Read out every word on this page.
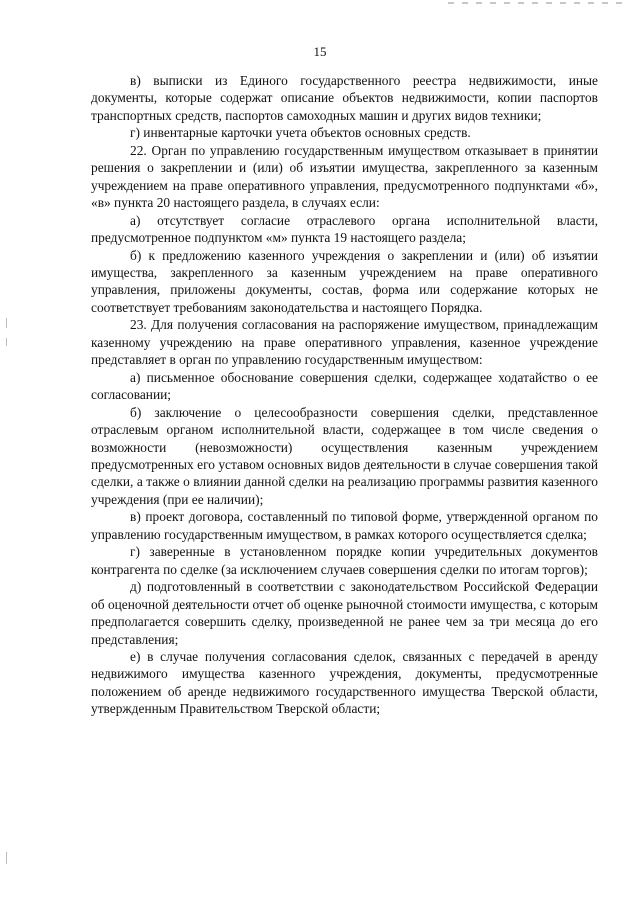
15

в) выписки из Единого государственного реестра недвижимости, иные документы, которые содержат описание объектов недвижимости, копии паспортов транспортных средств, паспортов самоходных машин и других видов техники;

г) инвентарные карточки учета объектов основных средств.

22. Орган по управлению государственным имуществом отказывает в принятии решения о закреплении и (или) об изъятии имущества, закрепленного за казенным учреждением на праве оперативного управления, предусмотренного подпунктами «б», «в» пункта 20 настоящего раздела, в случаях если:

а) отсутствует согласие отраслевого органа исполнительной власти, предусмотренное подпунктом «м» пункта 19 настоящего раздела;

б) к предложению казенного учреждения о закреплении и (или) об изъятии имущества, закрепленного за казенным учреждением на праве оперативного управления, приложены документы, состав, форма или содержание которых не соответствует требованиям законодательства и настоящего Порядка.

23. Для получения согласования на распоряжение имуществом, принадлежащим казенному учреждению на праве оперативного управления, казенное учреждение представляет в орган по управлению государственным имуществом:

а) письменное обоснование совершения сделки, содержащее ходатайство о ее согласовании;

б) заключение о целесообразности совершения сделки, представленное отраслевым органом исполнительной власти, содержащее в том числе сведения о возможности (невозможности) осуществления казенным учреждением предусмотренных его уставом основных видов деятельности в случае совершения такой сделки, а также о влиянии данной сделки на реализацию программы развития казенного учреждения (при ее наличии);

в) проект договора, составленный по типовой форме, утвержденной органом по управлению государственным имуществом, в рамках которого осуществляется сделка;

г) заверенные в установленном порядке копии учредительных документов контрагента по сделке (за исключением случаев совершения сделки по итогам торгов);

д) подготовленный в соответствии с законодательством Российской Федерации об оценочной деятельности отчет об оценке рыночной стоимости имущества, с которым предполагается совершить сделку, произведенной не ранее чем за три месяца до его представления;

е) в случае получения согласования сделок, связанных с передачей в аренду недвижимого имущества казенного учреждения, документы, предусмотренные положением об аренде недвижимого государственного имущества Тверской области, утвержденным Правительством Тверской области;
